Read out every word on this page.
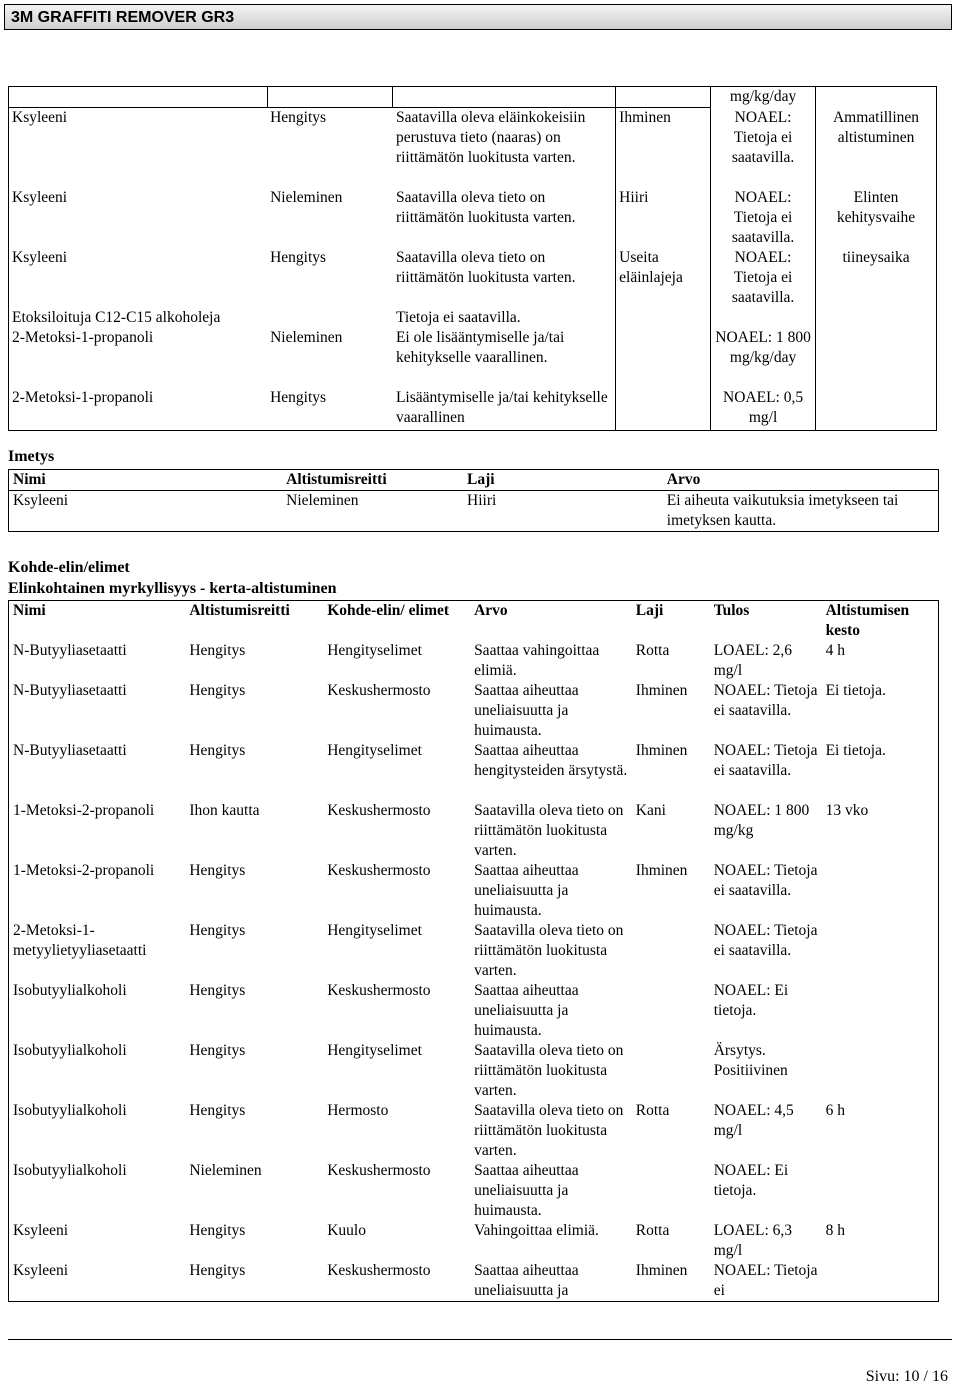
3M GRAFFITI REMOVER GR3
				mg/kg/day	
Ksyleeni	Hengitys	Saatavilla oleva eläinkokeisiin perustuva tieto (naaras) on riittämätön luokitusta varten.	Ihminen	NOAEL: Tietoja ei saatavilla.	Ammatillinen altistuminen
Ksyleeni	Nieleminen	Saatavilla oleva tieto on riittämätön luokitusta varten.	Hiiri	NOAEL: Tietoja ei saatavilla.	Elinten kehitysvaihe
Ksyleeni	Hengitys	Saatavilla oleva tieto on riittämätön luokitusta varten.	Useita eläinlajeja	NOAEL: Tietoja ei saatavilla.	tiineysaika
Etoksiloituja C12-C15 alkoholeja		Tietoja ei saatavilla.			
2-Metoksi-1-propanoli	Nieleminen	Ei ole lisääntymiselle ja/tai kehitykselle vaarallinen.		NOAEL: 1 800 mg/kg/day	
2-Metoksi-1-propanoli	Hengitys	Lisääntymiselle ja/tai kehitykselle vaarallinen		NOAEL: 0,5 mg/l	
Imetys
Nimi	Altistumisreitti	Laji	Arvo
Ksyleeni	Nieleminen	Hiiri	Ei aiheuta vaikutuksia imetykseen tai imetyksen kautta.
Kohde-elin/elimet
Elinkohtainen myrkyllisyys - kerta-altistuminen
Nimi	Altistumisreitti	Kohde-elin/ elimet	Arvo	Laji	Tulos	Altistumisen kesto
N-Butyyliasetaatti	Hengitys	Hengityselimet	Saattaa vahingoittaa elimiä.	Rotta	LOAEL: 2,6 mg/l	4 h
N-Butyyliasetaatti	Hengitys	Keskushermosto	Saattaa aiheuttaa uneliaisuutta ja huimausta.	Ihminen	NOAEL: Tietoja ei saatavilla.	Ei tietoja.
N-Butyyliasetaatti	Hengitys	Hengityselimet	Saattaa aiheuttaa hengitysteiden ärsytystä.	Ihminen	NOAEL: Tietoja ei saatavilla.	Ei tietoja.
1-Metoksi-2-propanoli	Ihon kautta	Keskushermosto	Saatavilla oleva tieto on riittämätön luokitusta varten.	Kani	NOAEL: 1 800 mg/kg	13 vko
1-Metoksi-2-propanoli	Hengitys	Keskushermosto	Saattaa aiheuttaa uneliaisuutta ja huimausta.	Ihminen	NOAEL: Tietoja ei saatavilla.	
2-Metoksi-1-metyylietyyliasetaatti	Hengitys	Hengityselimet	Saatavilla oleva tieto on riittämätön luokitusta varten.		NOAEL: Tietoja ei saatavilla.	
Isobutyylialkoholi	Hengitys	Keskushermosto	Saattaa aiheuttaa uneliaisuutta ja huimausta.		NOAEL: Ei tietoja.	
Isobutyylialkoholi	Hengitys	Hengityselimet	Saatavilla oleva tieto on riittämätön luokitusta varten.		Ärsytys. Positiivinen	
Isobutyylialkoholi	Hengitys	Hermosto	Saatavilla oleva tieto on riittämätön luokitusta varten.	Rotta	NOAEL: 4,5 mg/l	6 h
Isobutyylialkoholi	Nieleminen	Keskushermosto	Saattaa aiheuttaa uneliaisuutta ja huimausta.		NOAEL: Ei tietoja.	
Ksyleeni	Hengitys	Kuulo	Vahingoittaa elimiä.	Rotta	LOAEL: 6,3 mg/l	8 h
Ksyleeni	Hengitys	Keskushermosto	Saattaa aiheuttaa uneliaisuutta ja	Ihminen	NOAEL: Tietoja ei	
Sivu: 10 / 16
